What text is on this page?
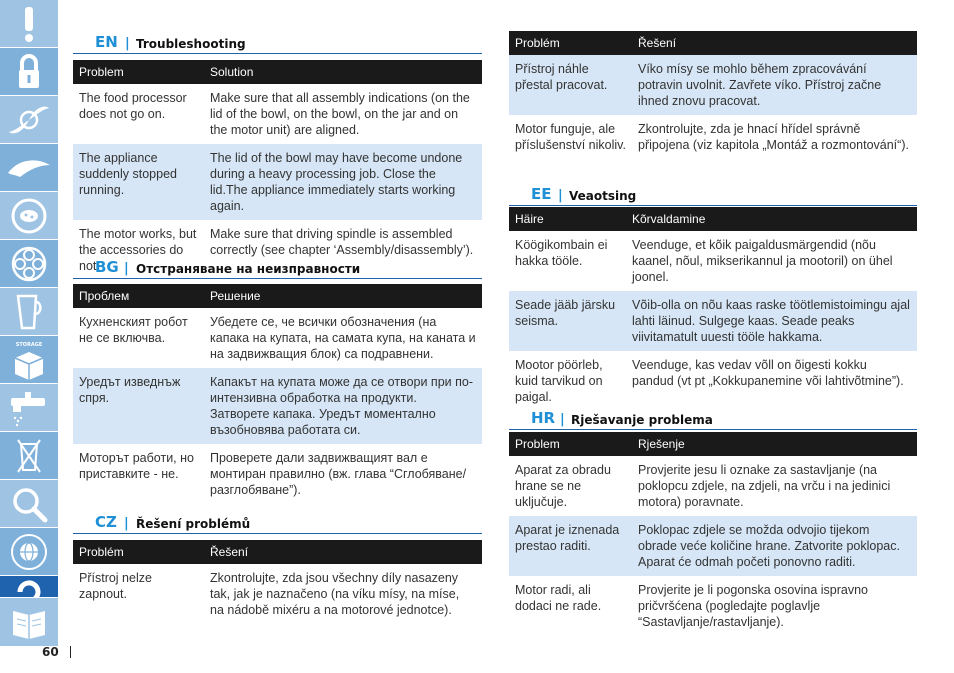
STORAGE
60
EN | Troubleshooting
Problem	Solution
The food processor does not go on.	Make sure that all assembly indications (on the lid of the bowl, on the bowl, on the jar and on the motor unit) are aligned.
The appliance suddenly stopped running.	The lid of the bowl may have become undone during a heavy processing job. Close the lid.The appliance immediately starts working again.
The motor works, but the accessories do not.	Make sure that driving spindle is assembled correctly (see chapter ‘Assembly/disassembly’).
BG | Отстраняване на неизправности
Проблем	Решение
Кухненският робот не се включва.	Убедете се, че всички обозначения (на капака на купата, на самата купа, на каната и на задвижващия блок) са подравнени.
Уредът изведнъж спря.	Капакът на купата може да се отвори при по-интензивна обработка на продукти. Затворете капака. Уредът моментално възобновява работата си.
Моторът работи, но приставките - не.	Проверете дали задвижващият вал е монтиран правилно (вж. глава “Сглобяване/разглобяване”).
CZ | Řešení problémů
Problém	Řešení
Přístroj nelze zapnout.	Zkontrolujte, zda jsou všechny díly nasazeny tak, jak je naznačeno (na víku mísy, na míse, na nádobě mixéru a na motorové jednotce).
Problém	Řešení
Přístroj náhle přestal pracovat.	Víko mísy se mohlo během zpracovávání potravin uvolnit. Zavřete víko. Přístroj začne ihned znovu pracovat.
Motor funguje, ale příslušenství nikoliv.	Zkontrolujte, zda je hnací hřídel správně připojena (viz kapitola „Montáž a rozmontování“).
EE | Veaotsing
Häire	Kõrvaldamine
Köögikombain ei hakka tööle.	Veenduge, et kõik paigaldusmärgendid (nõu kaanel, nõul, mikserikannul ja mootoril) on ühel joonel.
Seade jääb järsku seisma.	Võib-olla on nõu kaas raske töötlemistoimingu ajal lahti läinud. Sulgege kaas. Seade peaks viivitamatult uuesti tööle hakkama.
Mootor pöörleb, kuid tarvikud on paigal.	Veenduge, kas vedav võll on õigesti kokku pandud (vt pt „Kokkupanemine või lahtivõtmine”).
HR | Rješavanje problema
Problem	Rješenje
Aparat za obradu hrane se ne uključuje.	Provjerite jesu li oznake za sastavljanje (na poklopcu zdjele, na zdjeli, na vrču i na jedinici motora) poravnate.
Aparat je iznenada prestao raditi.	Poklopac zdjele se možda odvojio tijekom obrade veće količine hrane. Zatvorite poklopac. Aparat će odmah početi ponovno raditi.
Motor radi, ali dodaci ne rade.	Provjerite je li pogonska osovina ispravno pričvršćena (pogledajte poglavlje “Sastavljanje/rastavljanje).
